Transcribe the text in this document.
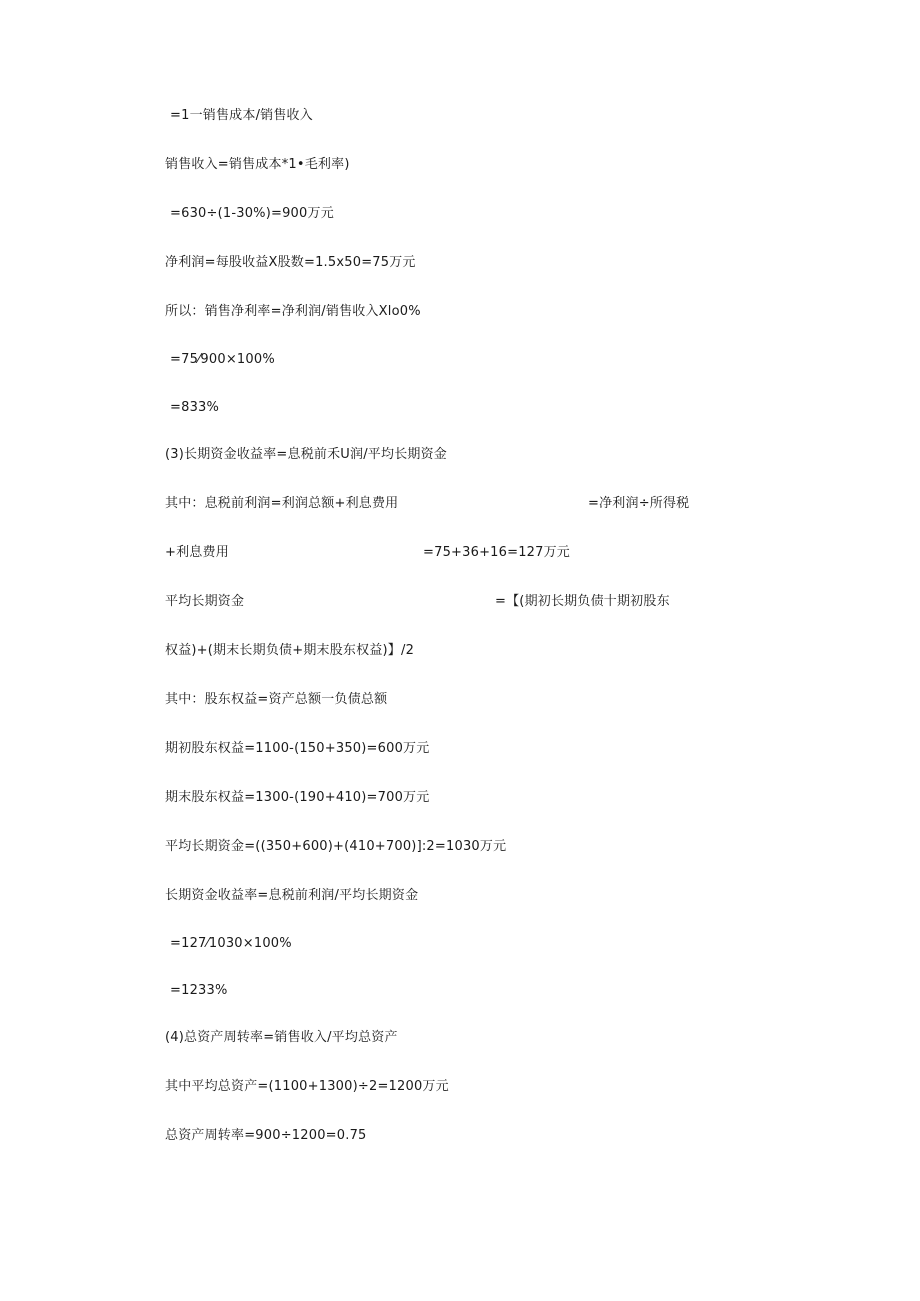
=1一销售成本/销售收入
销售收入=销售成本*1•毛利率)
=630÷(1-30%)=900万元
净利润=每股收益X股数=1.5x50=75万元
所以：销售净利率=净利润/销售收入Xlo0%
=75⁄900×100%
=833%
(3)长期资金收益率=息税前禾U润/平均长期资金
其中：息税前利润=利润总额+利息费用	=净利润÷所得税
+利息费用	=75+36+16=127万元
平均长期资金	=【(期初长期负债十期初股东
权益)+(期末长期负债+期末股东权益)】/2
其中：股东权益=资产总额一负债总额
期初股东权益=1100-(150+350)=600万元
期末股东权益=1300-(190+410)=700万元
平均长期资金=((350+600)+(410+700)]:2=1030万元
长期资金收益率=息税前利润/平均长期资金
=127⁄1030×100%
=1233%
(4)总资产周转率=销售收入/平均总资产
其中平均总资产=(1100+1300)÷2=1200万元
总资产周转率=900÷1200=0.75
